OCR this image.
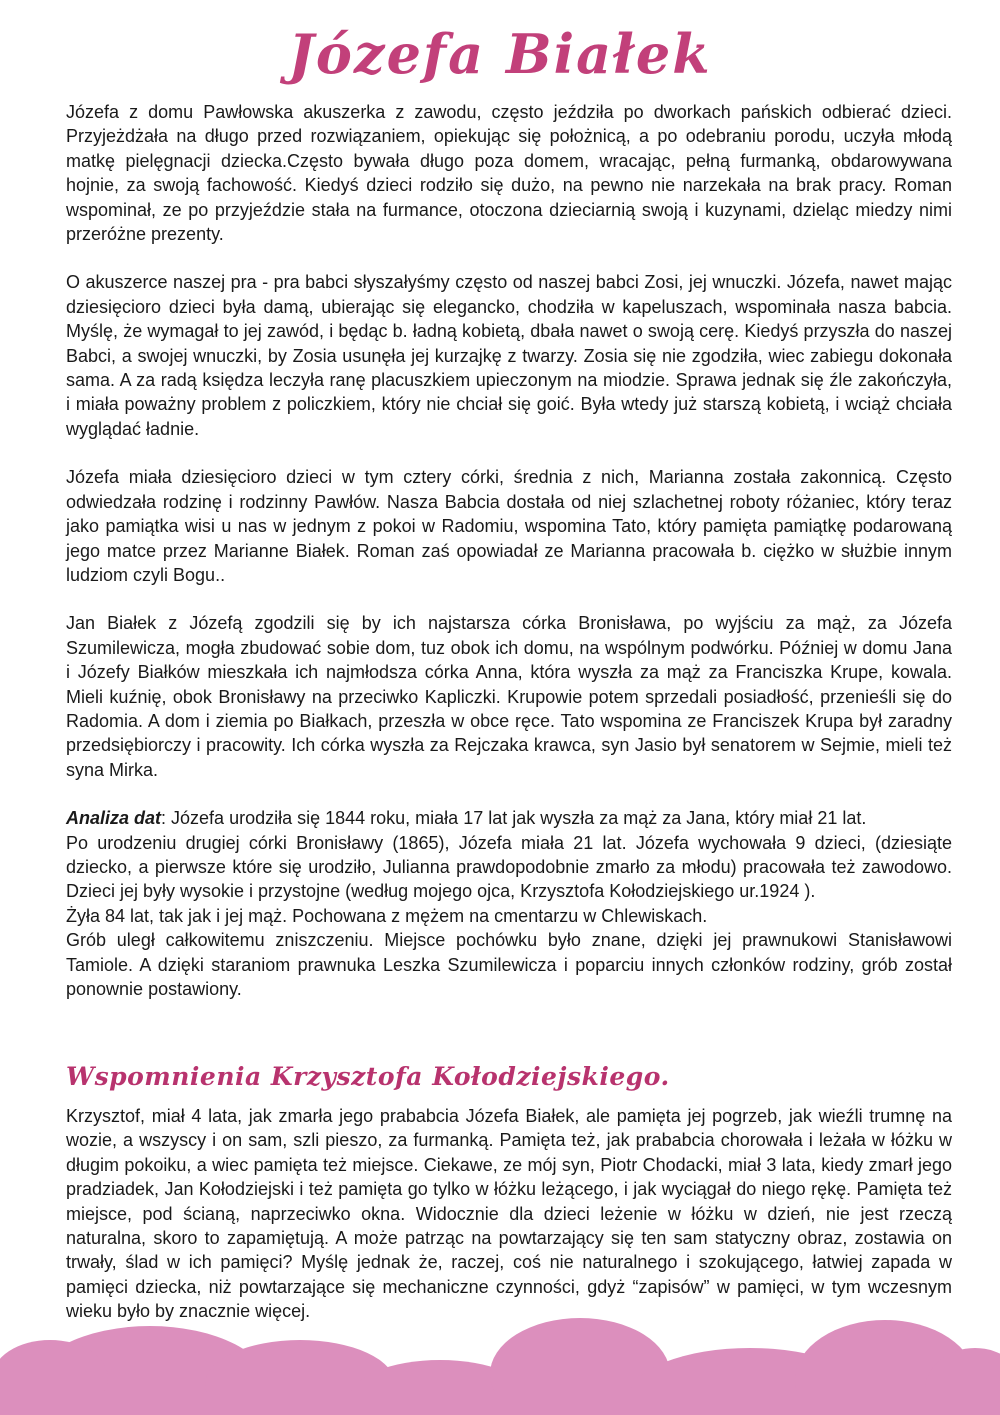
Józefa Białek

Józefa z domu Pawłowska akuszerka z zawodu, często jeździła po dworkach pańskich odbierać dzieci. Przyjeżdżała na długo przed rozwiązaniem, opiekując się położnicą, a po odebraniu porodu, uczyła młodą matkę pielęgnacji dziecka.Często bywała długo poza domem, wracając, pełną furmanką, obdarowywana hojnie, za swoją fachowość. Kiedyś dzieci rodziło się dużo, na pewno nie narzekała na brak pracy. Roman wspominał, ze po przyjeździe stała na furmance, otoczona dzieciarnią swoją i kuzynami, dzieląc miedzy nimi przeróżne prezenty.

O akuszerce naszej pra - pra babci słyszałyśmy często od naszej babci Zosi, jej wnuczki. Józefa, nawet mając dziesięcioro dzieci była damą, ubierając się elegancko, chodziła w kapeluszach, wspominała nasza babcia. Myślę, że wymagał to jej zawód, i będąc b. ładną kobietą, dbała nawet o swoją cerę. Kiedyś przyszła do naszej Babci, a swojej wnuczki, by Zosia usunęła jej kurzajkę z twarzy. Zosia się nie zgodziła, wiec zabiegu dokonała sama. A za radą księdza leczyła ranę placuszkiem upieczonym na miodzie. Sprawa jednak się źle zakończyła, i miała poważny problem z policzkiem, który nie chciał się goić. Była wtedy już starszą kobietą, i wciąż chciała wyglądać ładnie.

Józefa miała dziesięcioro dzieci w tym cztery córki, średnia z nich, Marianna została zakonnicą. Często odwiedzała rodzinę i rodzinny Pawłów. Nasza Babcia dostała od niej szlachetnej roboty różaniec, który teraz jako pamiątka wisi u nas w jednym z pokoi w Radomiu, wspomina Tato, który pamięta pamiątkę podarowaną jego matce przez Marianne Białek. Roman zaś opowiadał ze Marianna pracowała b. ciężko w służbie innym ludziom czyli Bogu..

Jan Białek z Józefą zgodzili się by ich najstarsza córka Bronisława, po wyjściu za mąż, za Józefa Szumilewicza, mogła zbudować sobie dom, tuz obok ich domu, na wspólnym podwórku. Później w domu Jana i Józefy Białków mieszkała ich najmłodsza córka Anna, która wyszła za mąż za Franciszka Krupe, kowala. Mieli kuźnię, obok Bronisławy na przeciwko Kapliczki. Krupowie potem sprzedali posiadłość, przenieśli się do Radomia. A dom i ziemia po Białkach, przeszła w obce ręce. Tato wspomina ze Franciszek Krupa był zaradny przedsiębiorczy i pracowity. Ich córka wyszła za Rejczaka krawca, syn Jasio był senatorem w Sejmie, mieli też syna Mirka.

Analiza dat: Józefa urodziła się 1844 roku, miała 17 lat jak wyszła za mąż za Jana, który miał 21 lat.

Po urodzeniu drugiej córki Bronisławy (1865), Józefa miała 21 lat. Józefa wychowała 9 dzieci, (dziesiąte dziecko, a pierwsze które się urodziło, Julianna prawdopodobnie zmarło za młodu) pracowała też zawodowo. Dzieci jej były wysokie i przystojne (według mojego ojca, Krzysztofa Kołodziejskiego ur.1924 ).

Żyła 84 lat, tak jak i jej mąż. Pochowana z mężem na cmentarzu w Chlewiskach.

Grób uległ całkowitemu zniszczeniu. Miejsce pochówku było znane, dzięki jej prawnukowi Stanisławowi Tamiole. A dzięki staraniom prawnuka Leszka Szumilewicza i poparciu innych członków rodziny, grób został ponownie postawiony.

Wspomnienia Krzysztofa Kołodziejskiego.

Krzysztof, miał 4 lata, jak zmarła jego prababcia Józefa Białek, ale pamięta jej pogrzeb, jak wieźli trumnę na wozie, a wszyscy i on sam, szli pieszo, za furmanką. Pamięta też, jak prababcia chorowała i leżała w łóżku w długim pokoiku, a wiec pamięta też miejsce. Ciekawe, ze mój syn, Piotr Chodacki, miał 3 lata, kiedy zmarł jego pradziadek, Jan Kołodziejski i też pamięta go tylko w łóżku leżącego, i jak wyciągał do niego rękę. Pamięta też miejsce, pod ścianą, naprzeciwko okna. Widocznie dla dzieci leżenie w łóżku w dzień, nie jest rzeczą naturalna, skoro to zapamiętują. A może patrząc na powtarzający się ten sam statyczny obraz, zostawia on trwały, ślad w ich pamięci? Myślę jednak że, raczej, coś nie naturalnego i szokującego, łatwiej zapada w pamięci dziecka, niż powtarzające się mechaniczne czynności, gdyż “zapisów” w pamięci, w tym wczesnym wieku było by znacznie więcej.
